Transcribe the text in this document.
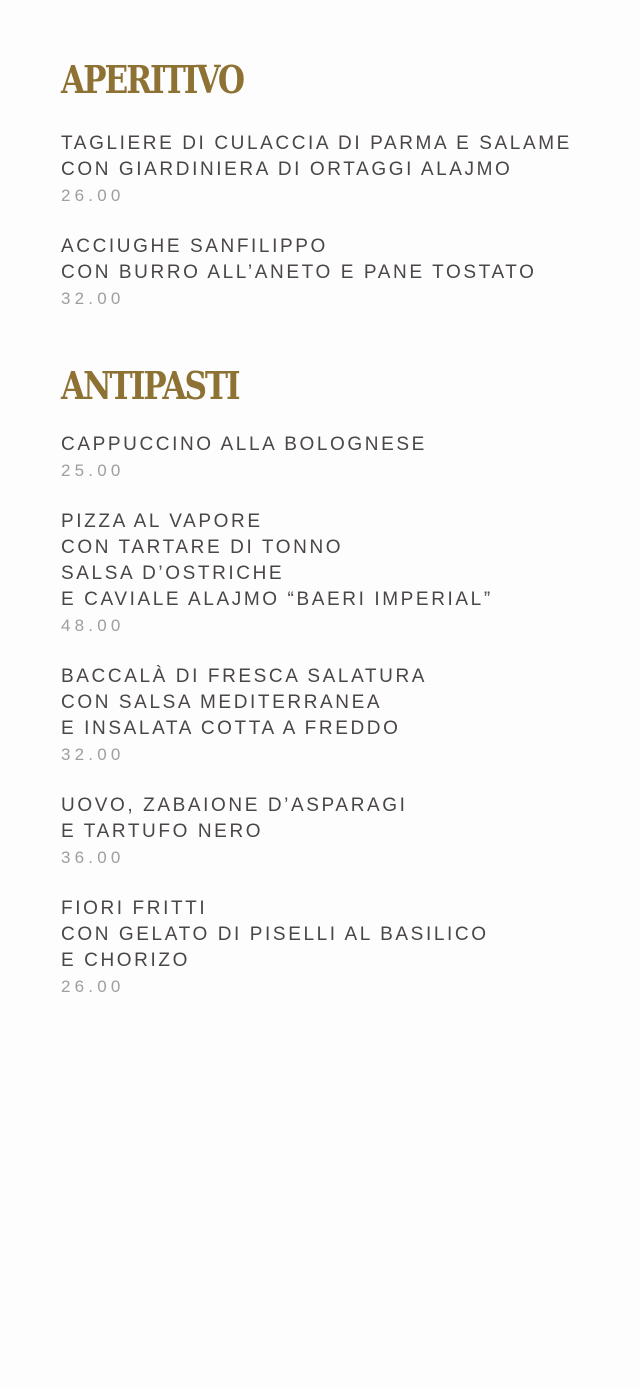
APERITIVO
TAGLIERE DI CULACCIA DI PARMA E SALAME
CON GIARDINIERA DI ORTAGGI ALAJMO
26.00
ACCIUGHE SANFILIPPO
CON BURRO ALL’ANETO E PANE TOSTATO
32.00
ANTIPASTI
CAPPUCCINO ALLA BOLOGNESE
25.00
PIZZA AL VAPORE
CON TARTARE DI TONNO
SALSA D’OSTRICHE
E CAVIALE ALAJMO “BAERI IMPERIAL”
48.00
BACCALÀ DI FRESCA SALATURA
CON SALSA MEDITERRANEA
E INSALATA COTTA A FREDDO
32.00
UOVO, ZABAIONE D’ASPARAGI
E TARTUFO NERO
36.00
FIORI FRITTI
CON GELATO DI PISELLI AL BASILICO
E CHORIZO
26.00
